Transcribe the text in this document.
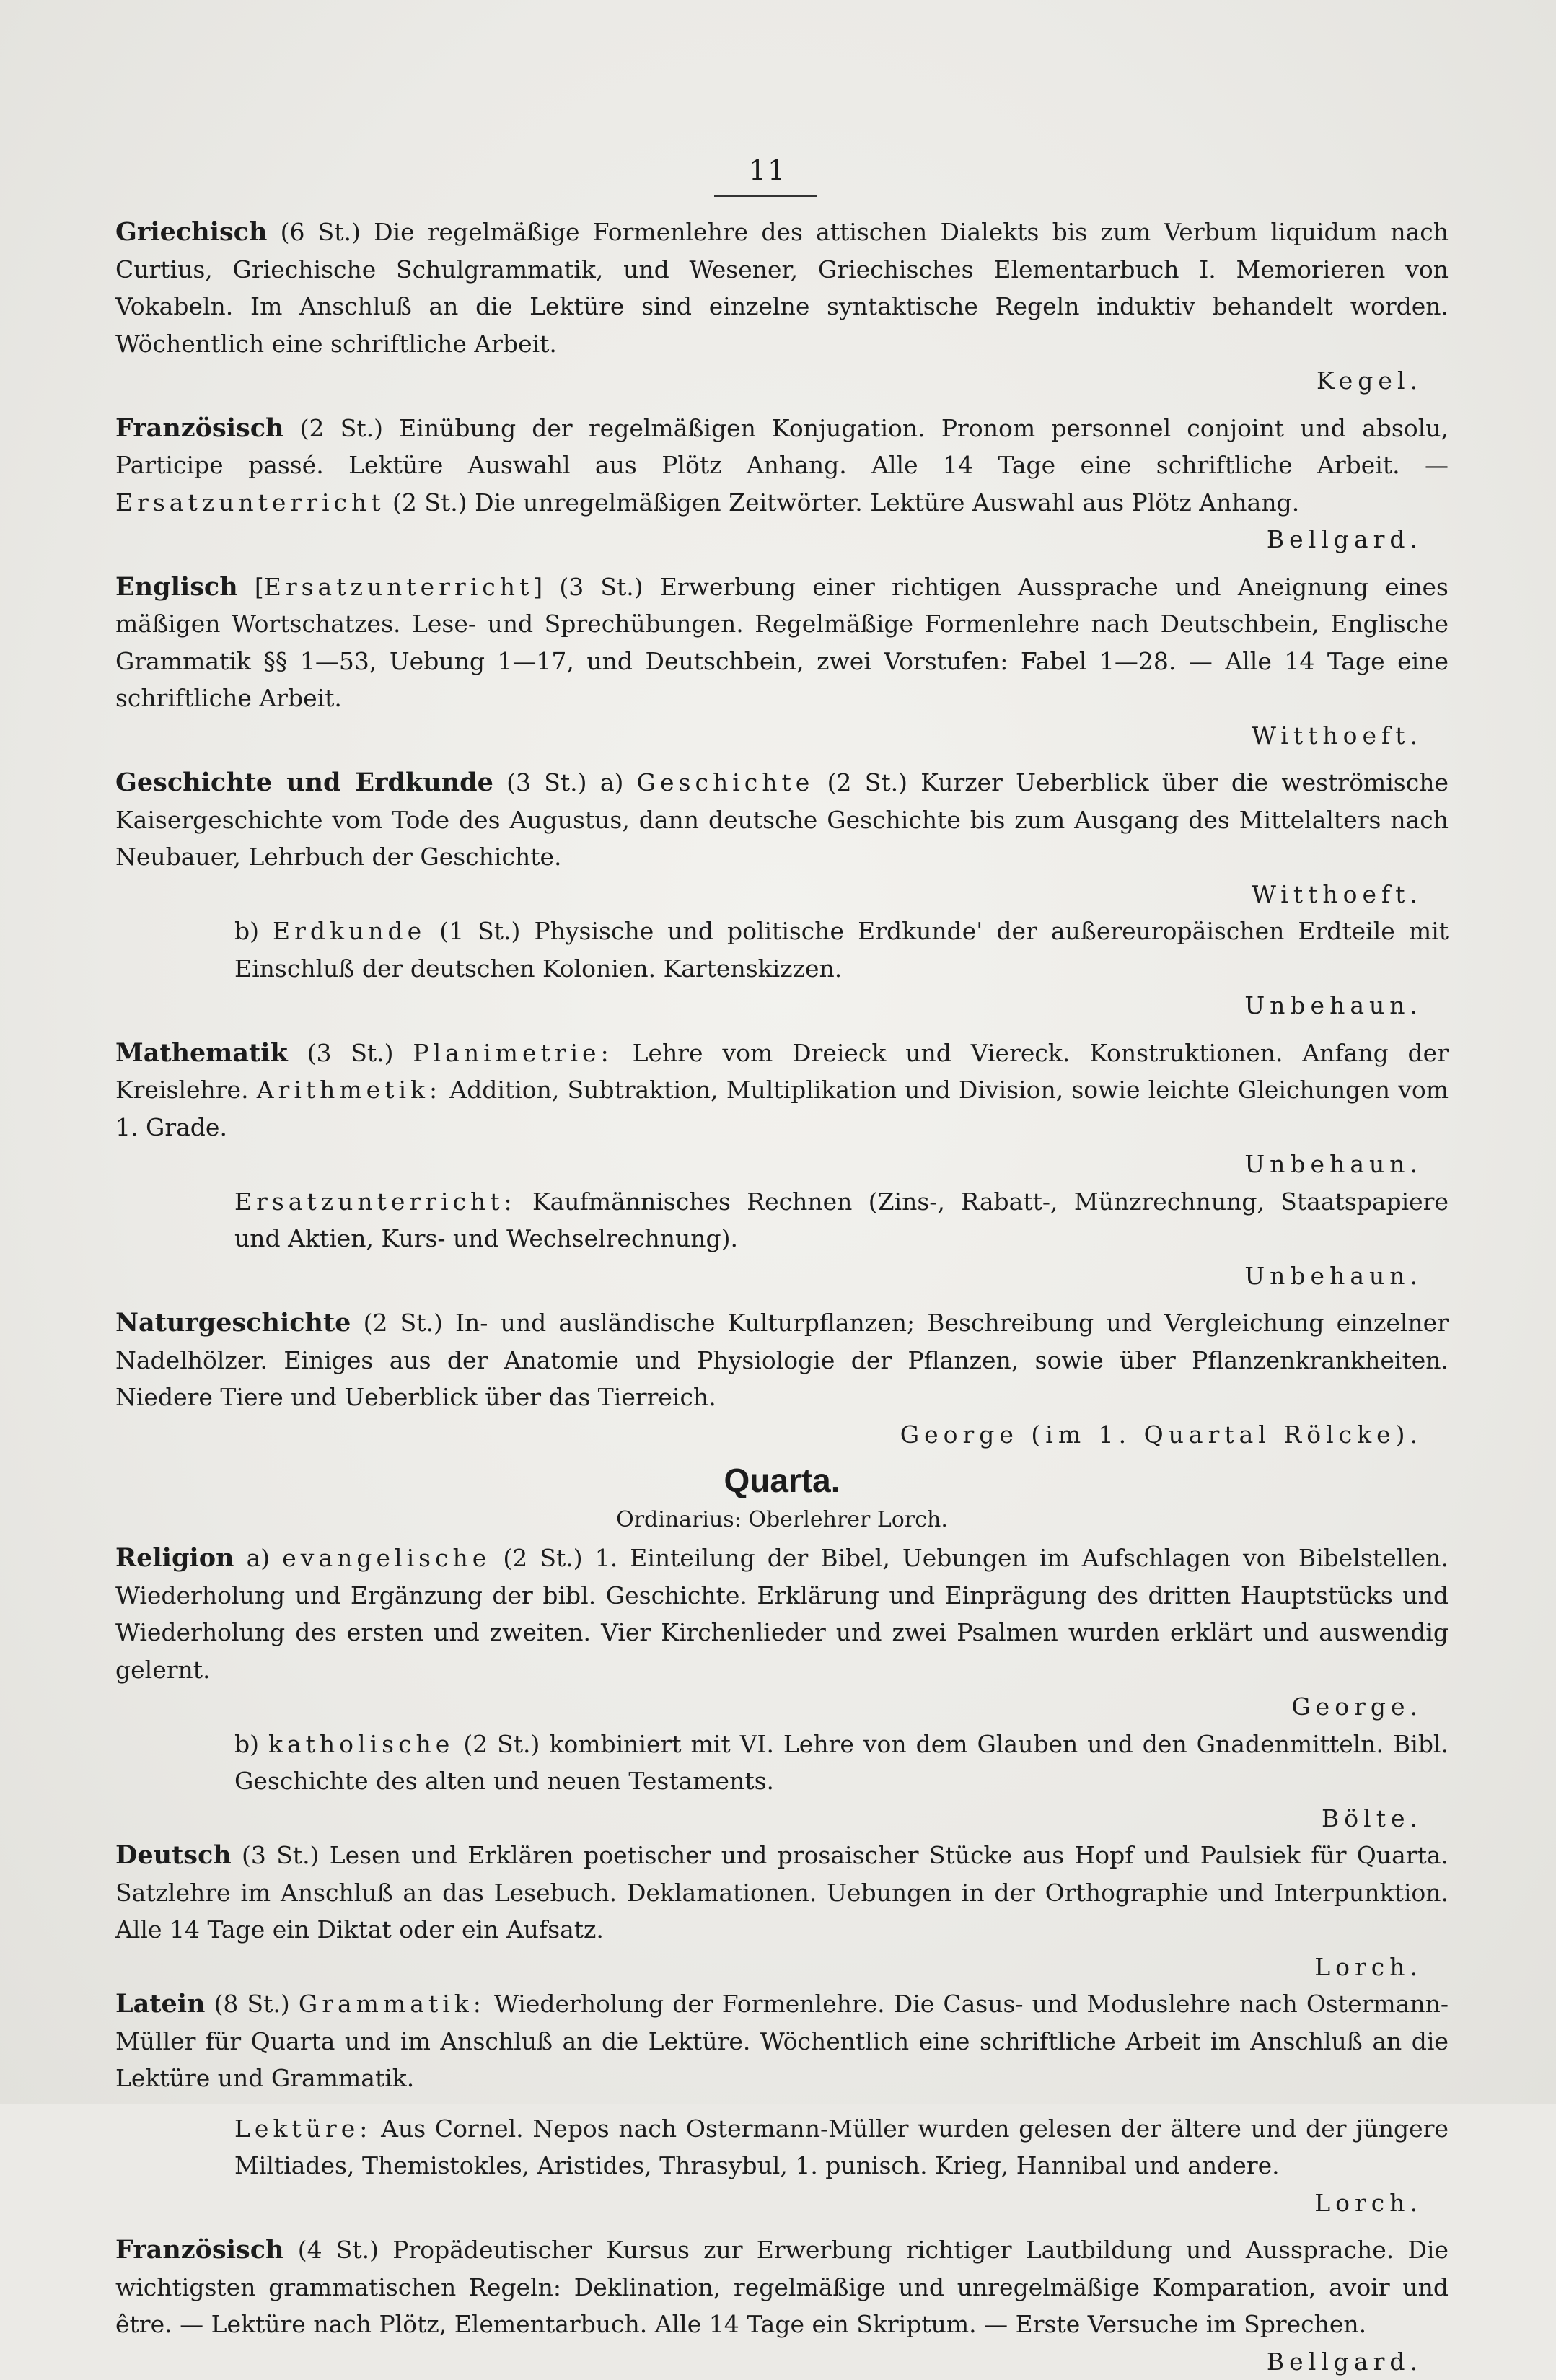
11
Griechisch (6 St.) Die regelmäßige Formenlehre des attischen Dialekts bis zum Verbum liquidum nach Curtius, Griechische Schulgrammatik, und Wesener, Griechisches Elementarbuch I. Memorieren von Vokabeln. Im Anschluß an die Lektüre sind einzelne syntaktische Regeln induktiv behandelt worden. Wöchentlich eine schriftliche Arbeit.
Kegel.
Französisch (2 St.) Einübung der regelmäßigen Konjugation. Pronom personnel conjoint und absolu, Participe passé. Lektüre Auswahl aus Plötz Anhang. Alle 14 Tage eine schriftliche Arbeit. — Ersatzunterricht (2 St.) Die unregelmäßigen Zeitwörter. Lektüre Auswahl aus Plötz Anhang.
Bellgard.
Englisch [Ersatzunterricht] (3 St.) Erwerbung einer richtigen Aussprache und Aneignung eines mäßigen Wortschatzes. Lese- und Sprechübungen. Regelmäßige Formenlehre nach Deutschbein, Englische Grammatik §§ 1—53, Uebung 1—17, und Deutschbein, zwei Vorstufen: Fabel 1—28. — Alle 14 Tage eine schriftliche Arbeit.
Witthoeft.
Geschichte und Erdkunde (3 St.) a) Geschichte (2 St.) Kurzer Ueberblick über die weströmische Kaisergeschichte vom Tode des Augustus, dann deutsche Geschichte bis zum Ausgang des Mittelalters nach Neubauer, Lehrbuch der Geschichte.
Witthoeft.
b) Erdkunde (1 St.) Physische und politische Erdkunde' der außereuropäischen Erdteile mit Einschluß der deutschen Kolonien. Kartenskizzen.
Unbehaun.
Mathematik (3 St.) Planimetrie: Lehre vom Dreieck und Viereck. Konstruktionen. Anfang der Kreislehre. Arithmetik: Addition, Subtraktion, Multiplikation und Division, sowie leichte Gleichungen vom 1. Grade.
Unbehaun.
Ersatzunterricht: Kaufmännisches Rechnen (Zins-, Rabatt-, Münzrechnung, Staatspapiere und Aktien, Kurs- und Wechselrechnung).
Unbehaun.
Naturgeschichte (2 St.) In- und ausländische Kulturpflanzen; Beschreibung und Vergleichung einzelner Nadelhölzer. Einiges aus der Anatomie und Physiologie der Pflanzen, sowie über Pflanzenkrankheiten. Niedere Tiere und Ueberblick über das Tierreich.
George (im 1. Quartal Rölcke).
Quarta.
Ordinarius: Oberlehrer Lorch.
Religion a) evangelische (2 St.) 1. Einteilung der Bibel, Uebungen im Aufschlagen von Bibelstellen. Wiederholung und Ergänzung der bibl. Geschichte. Erklärung und Einprägung des dritten Hauptstücks und Wiederholung des ersten und zweiten. Vier Kirchenlieder und zwei Psalmen wurden erklärt und auswendig gelernt.
George.
b) katholische (2 St.) kombiniert mit VI. Lehre von dem Glauben und den Gnadenmitteln. Bibl. Geschichte des alten und neuen Testaments.
Bölte.
Deutsch (3 St.) Lesen und Erklären poetischer und prosaischer Stücke aus Hopf und Paulsiek für Quarta. Satzlehre im Anschluß an das Lesebuch. Deklamationen. Uebungen in der Orthographie und Interpunktion. Alle 14 Tage ein Diktat oder ein Aufsatz.
Lorch.
Latein (8 St.) Grammatik: Wiederholung der Formenlehre. Die Casus- und Moduslehre nach Ostermann-Müller für Quarta und im Anschluß an die Lektüre. Wöchentlich eine schriftliche Arbeit im Anschluß an die Lektüre und Grammatik.
Lektüre: Aus Cornel. Nepos nach Ostermann-Müller wurden gelesen der ältere und der jüngere Miltiades, Themistokles, Aristides, Thrasybul, 1. punisch. Krieg, Hannibal und andere.
Lorch.
Französisch (4 St.) Propädeutischer Kursus zur Erwerbung richtiger Lautbildung und Aussprache. Die wichtigsten grammatischen Regeln: Deklination, regelmäßige und unregelmäßige Komparation, avoir und être. — Lektüre nach Plötz, Elementarbuch. Alle 14 Tage ein Skriptum. — Erste Versuche im Sprechen.
Bellgard.
